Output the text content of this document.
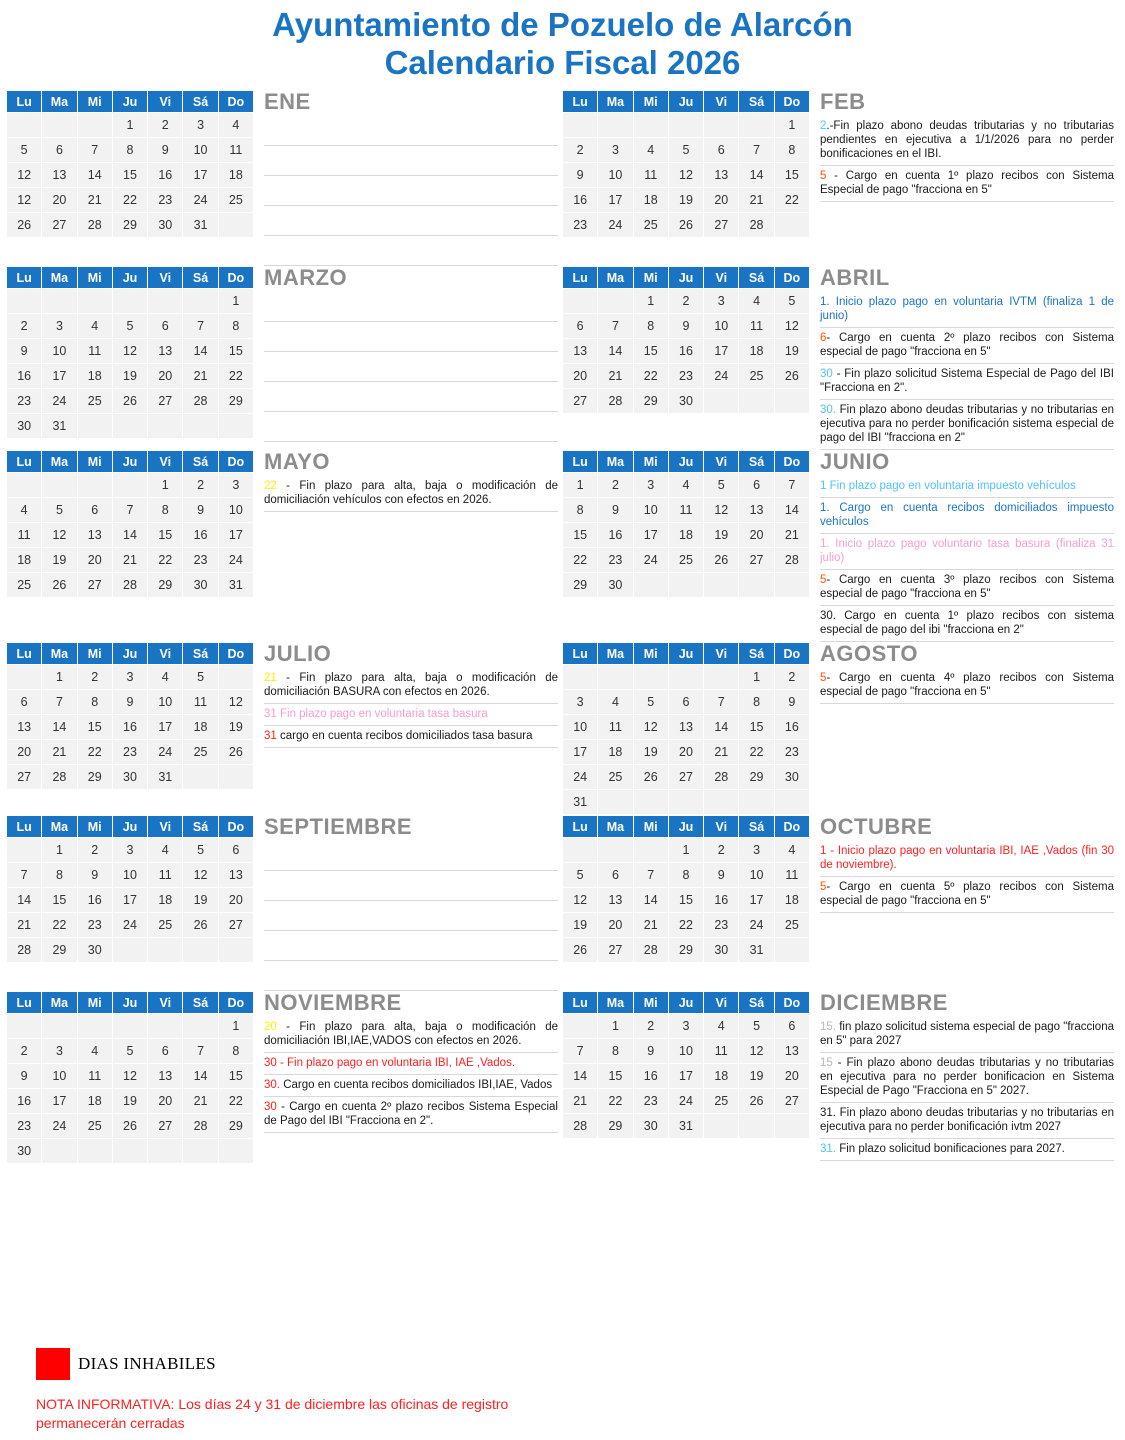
Ayuntamiento de Pozuelo de Alarcón
Calendario Fiscal 2026
Lu	Ma	Mi	Ju	Vi	Sá	Do
			1	2	3	4
5	6	7	8	9	10	11
12	13	14	15	16	17	18
12	20	21	22	23	24	25
26	27	28	29	30	31	
ENE	Lu	Ma	Mi	Ju	Vi	Sá	Do
						1
2	3	4	5	6	7	8
9	10	11	12	13	14	15
16	17	18	19	20	21	22
23	24	25	26	27	28	
FEB
2.-Fin plazo abono deudas tributarias y no tributarias pendientes en ejecutiva a 1/1/2026 para no perder bonificaciones en el IBI.
5 - Cargo en cuenta 1º plazo recibos con Sistema Especial de pago "fracciona en 5"
Lu	Ma	Mi	Ju	Vi	Sá	Do
						1
2	3	4	5	6	7	8
9	10	11	12	13	14	15
16	17	18	19	20	21	22
23	24	25	26	27	28	29
30	31					
MARZO	Lu	Ma	Mi	Ju	Vi	Sá	Do
		1	2	3	4	5
6	7	8	9	10	11	12
13	14	15	16	17	18	19
20	21	22	23	24	25	26
27	28	29	30			
ABRIL
1. Inicio plazo pago en voluntaria IVTM (finaliza 1 de junio)
6- Cargo en cuenta 2º plazo recibos con Sistema especial de pago "fracciona en 5"
30 - Fin plazo solicitud Sistema Especial de Pago del IBI "Fracciona en 2".
30. Fin plazo abono deudas tributarias y no tributarias en ejecutiva para no perder bonificación sistema especial de pago del IBI "fracciona en 2"
Lu	Ma	Mi	Ju	Vi	Sá	Do
				1	2	3
4	5	6	7	8	9	10
11	12	13	14	15	16	17
18	19	20	21	22	23	24
25	26	27	28	29	30	31
MAYO
22 - Fin plazo para alta, baja o modificación de domiciliación vehículos con efectos en 2026.
Lu	Ma	Mi	Ju	Vi	Sá	Do
1	2	3	4	5	6	7
8	9	10	11	12	13	14
15	16	17	18	19	20	21
22	23	24	25	26	27	28
29	30					
JUNIO
1 Fin plazo pago en voluntaria impuesto vehículos
1. Cargo en cuenta recibos domiciliados impuesto vehículos
1. Inicio plazo pago voluntario tasa basura (finaliza 31 julio)
5- Cargo en cuenta 3º plazo recibos con Sistema especial de pago "fracciona en 5"
30. Cargo en cuenta 1º plazo recibos con sistema especial de pago del ibi "fracciona en 2"
Lu	Ma	Mi	Ju	Vi	Sá	Do
	1	2	3	4	5	
6	7	8	9	10	11	12
13	14	15	16	17	18	19
20	21	22	23	24	25	26
27	28	29	30	31		
JULIO
21 - Fin plazo para alta, baja o modificación de domiciliación BASURA con efectos en 2026.
31 Fin plazo pago en voluntaria tasa basura
31 cargo en cuenta recibos domiciliados tasa basura
Lu	Ma	Mi	Ju	Vi	Sá	Do
					1	2
3	4	5	6	7	8	9
10	11	12	13	14	15	16
17	18	19	20	21	22	23
24	25	26	27	28	29	30
31						
AGOSTO
5- Cargo en cuenta 4º plazo recibos con Sistema especial de pago "fracciona en 5"
Lu	Ma	Mi	Ju	Vi	Sá	Do
	1	2	3	4	5	6
7	8	9	10	11	12	13
14	15	16	17	18	19	20
21	22	23	24	25	26	27
28	29	30				
SEPTIEMBRE	Lu	Ma	Mi	Ju	Vi	Sá	Do
			1	2	3	4
5	6	7	8	9	10	11
12	13	14	15	16	17	18
19	20	21	22	23	24	25
26	27	28	29	30	31	
OCTUBRE
1 - Inicio plazo pago en voluntaria IBI, IAE ,Vados (fin 30 de noviembre).
5- Cargo en cuenta 5º plazo recibos con Sistema especial de pago "fracciona en 5"
Lu	Ma	Mi	Ju	Vi	Sá	Do
						1
2	3	4	5	6	7	8
9	10	11	12	13	14	15
16	17	18	19	20	21	22
23	24	25	26	27	28	29
30						
NOVIEMBRE
20 - Fin plazo para alta, baja o modificación de domiciliación IBI,IAE,VADOS con efectos en 2026.
30 - Fin plazo pago en voluntaria IBI, IAE ,Vados.
30. Cargo en cuenta recibos domiciliados IBI,IAE, Vados
30 - Cargo en cuenta 2º plazo recibos Sistema Especial de Pago del IBI "Fracciona en 2".
Lu	Ma	Mi	Ju	Vi	Sá	Do
	1	2	3	4	5	6
7	8	9	10	11	12	13
14	15	16	17	18	19	20
21	22	23	24	25	26	27
28	29	30	31			
DICIEMBRE
15. fin plazo solicitud sistema especial de pago "fracciona en 5" para 2027
15 - Fin plazo abono deudas tributarias y no tributarias en ejecutiva para no perder bonificacion en Sistema Especial de Pago "Fracciona en 5" 2027.
31. Fin plazo abono deudas tributarias y no tributarias en ejecutiva para no perder bonificación ivtm 2027
31. Fin plazo solicitud bonificaciones para 2027.
DIAS INHABILES
NOTA INFORMATIVA: Los días 24 y 31 de diciembre las oficinas de registro permanecerán cerradas
